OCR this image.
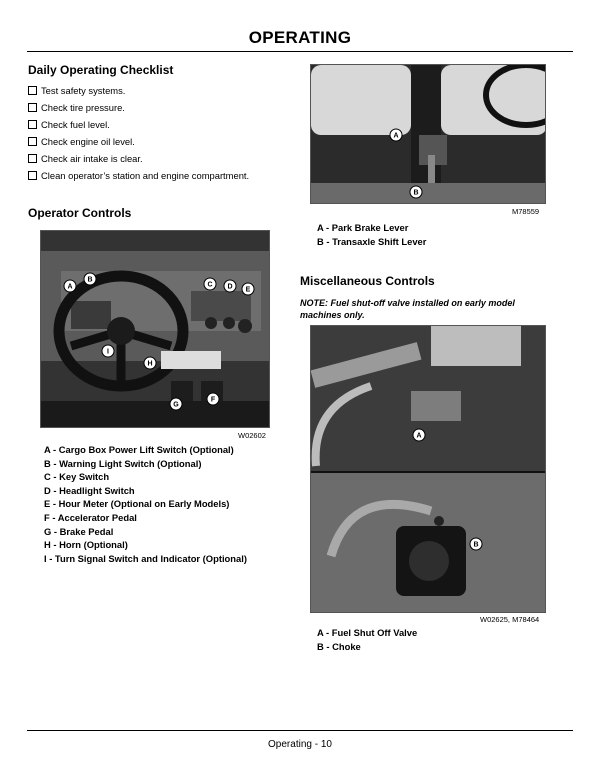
OPERATING
Daily Operating Checklist
Test safety systems.
Check tire pressure.
Check fuel level.
Check engine oil level.
Check air intake is clear.
Clean operator’s station and engine compartment.
Operator Controls
A
B
C D E
F
G
H
I
W02602
A - Cargo Box Power Lift Switch (Optional)
B - Warning Light Switch (Optional)
C - Key Switch
D - Headlight Switch
E - Hour Meter (Optional on Early Models)
F - Accelerator Pedal
G - Brake Pedal
H - Horn (Optional)
I - Turn Signal Switch and Indicator (Optional)
A
B
M78559
A - Park Brake Lever
B - Transaxle Shift Lever
Miscellaneous Controls
NOTE: Fuel shut-off valve installed on early model machines only.
A
B
W02625, M78464
A - Fuel Shut Off Valve
B - Choke
Operating - 10
